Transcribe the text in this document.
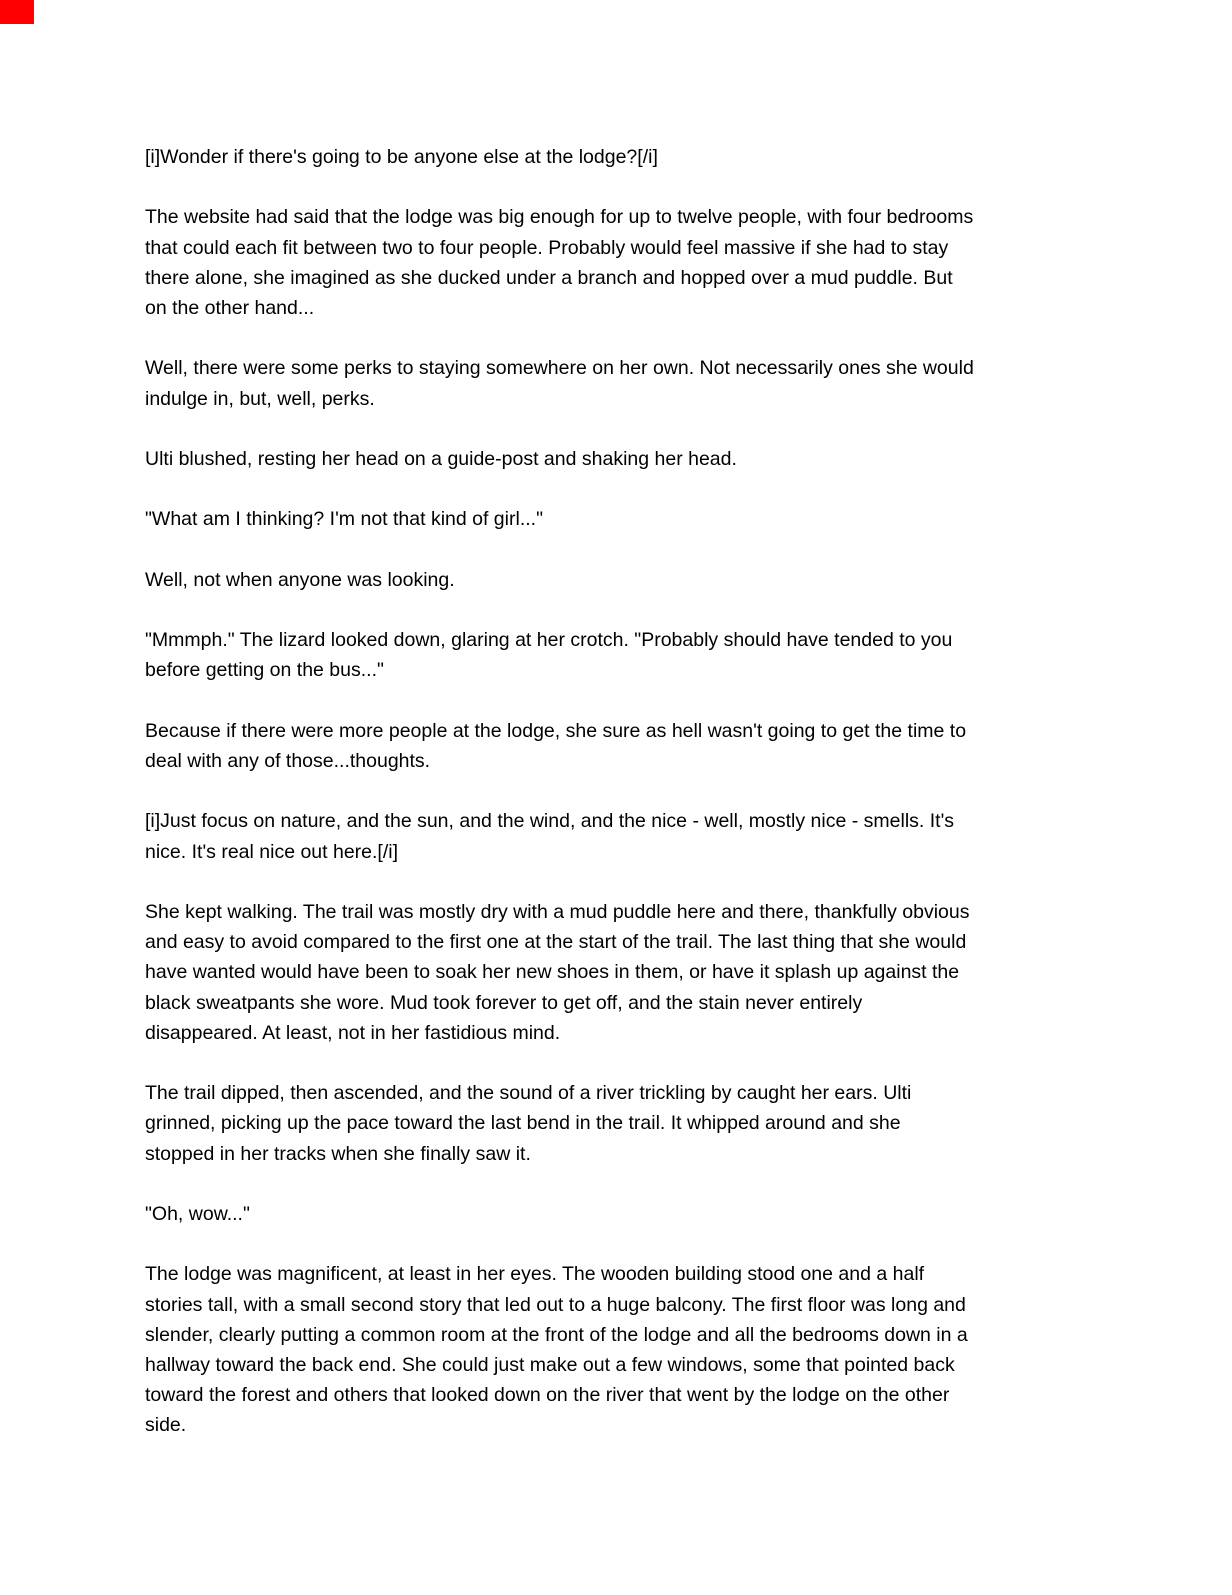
[i]Wonder if there's going to be anyone else at the lodge?[/i]

The website had said that the lodge was big enough for up to twelve people, with four bedrooms
that could each fit between two to four people. Probably would feel massive if she had to stay
there alone, she imagined as she ducked under a branch and hopped over a mud puddle. But
on the other hand...

Well, there were some perks to staying somewhere on her own. Not necessarily ones she would
indulge in, but, well, perks.

Ulti blushed, resting her head on a guide-post and shaking her head.

"What am I thinking? I'm not that kind of girl..."

Well, not when anyone was looking.

"Mmmph." The lizard looked down, glaring at her crotch. "Probably should have tended to you
before getting on the bus..."

Because if there were more people at the lodge, she sure as hell wasn't going to get the time to
deal with any of those...thoughts.

[i]Just focus on nature, and the sun, and the wind, and the nice - well, mostly nice - smells. It's
nice. It's real nice out here.[/i]

She kept walking. The trail was mostly dry with a mud puddle here and there, thankfully obvious
and easy to avoid compared to the first one at the start of the trail. The last thing that she would
have wanted would have been to soak her new shoes in them, or have it splash up against the
black sweatpants she wore. Mud took forever to get off, and the stain never entirely
disappeared. At least, not in her fastidious mind.

The trail dipped, then ascended, and the sound of a river trickling by caught her ears. Ulti
grinned, picking up the pace toward the last bend in the trail. It whipped around and she
stopped in her tracks when she finally saw it.

"Oh, wow..."

The lodge was magnificent, at least in her eyes. The wooden building stood one and a half
stories tall, with a small second story that led out to a huge balcony. The first floor was long and
slender, clearly putting a common room at the front of the lodge and all the bedrooms down in a
hallway toward the back end. She could just make out a few windows, some that pointed back
toward the forest and others that looked down on the river that went by the lodge on the other
side.
